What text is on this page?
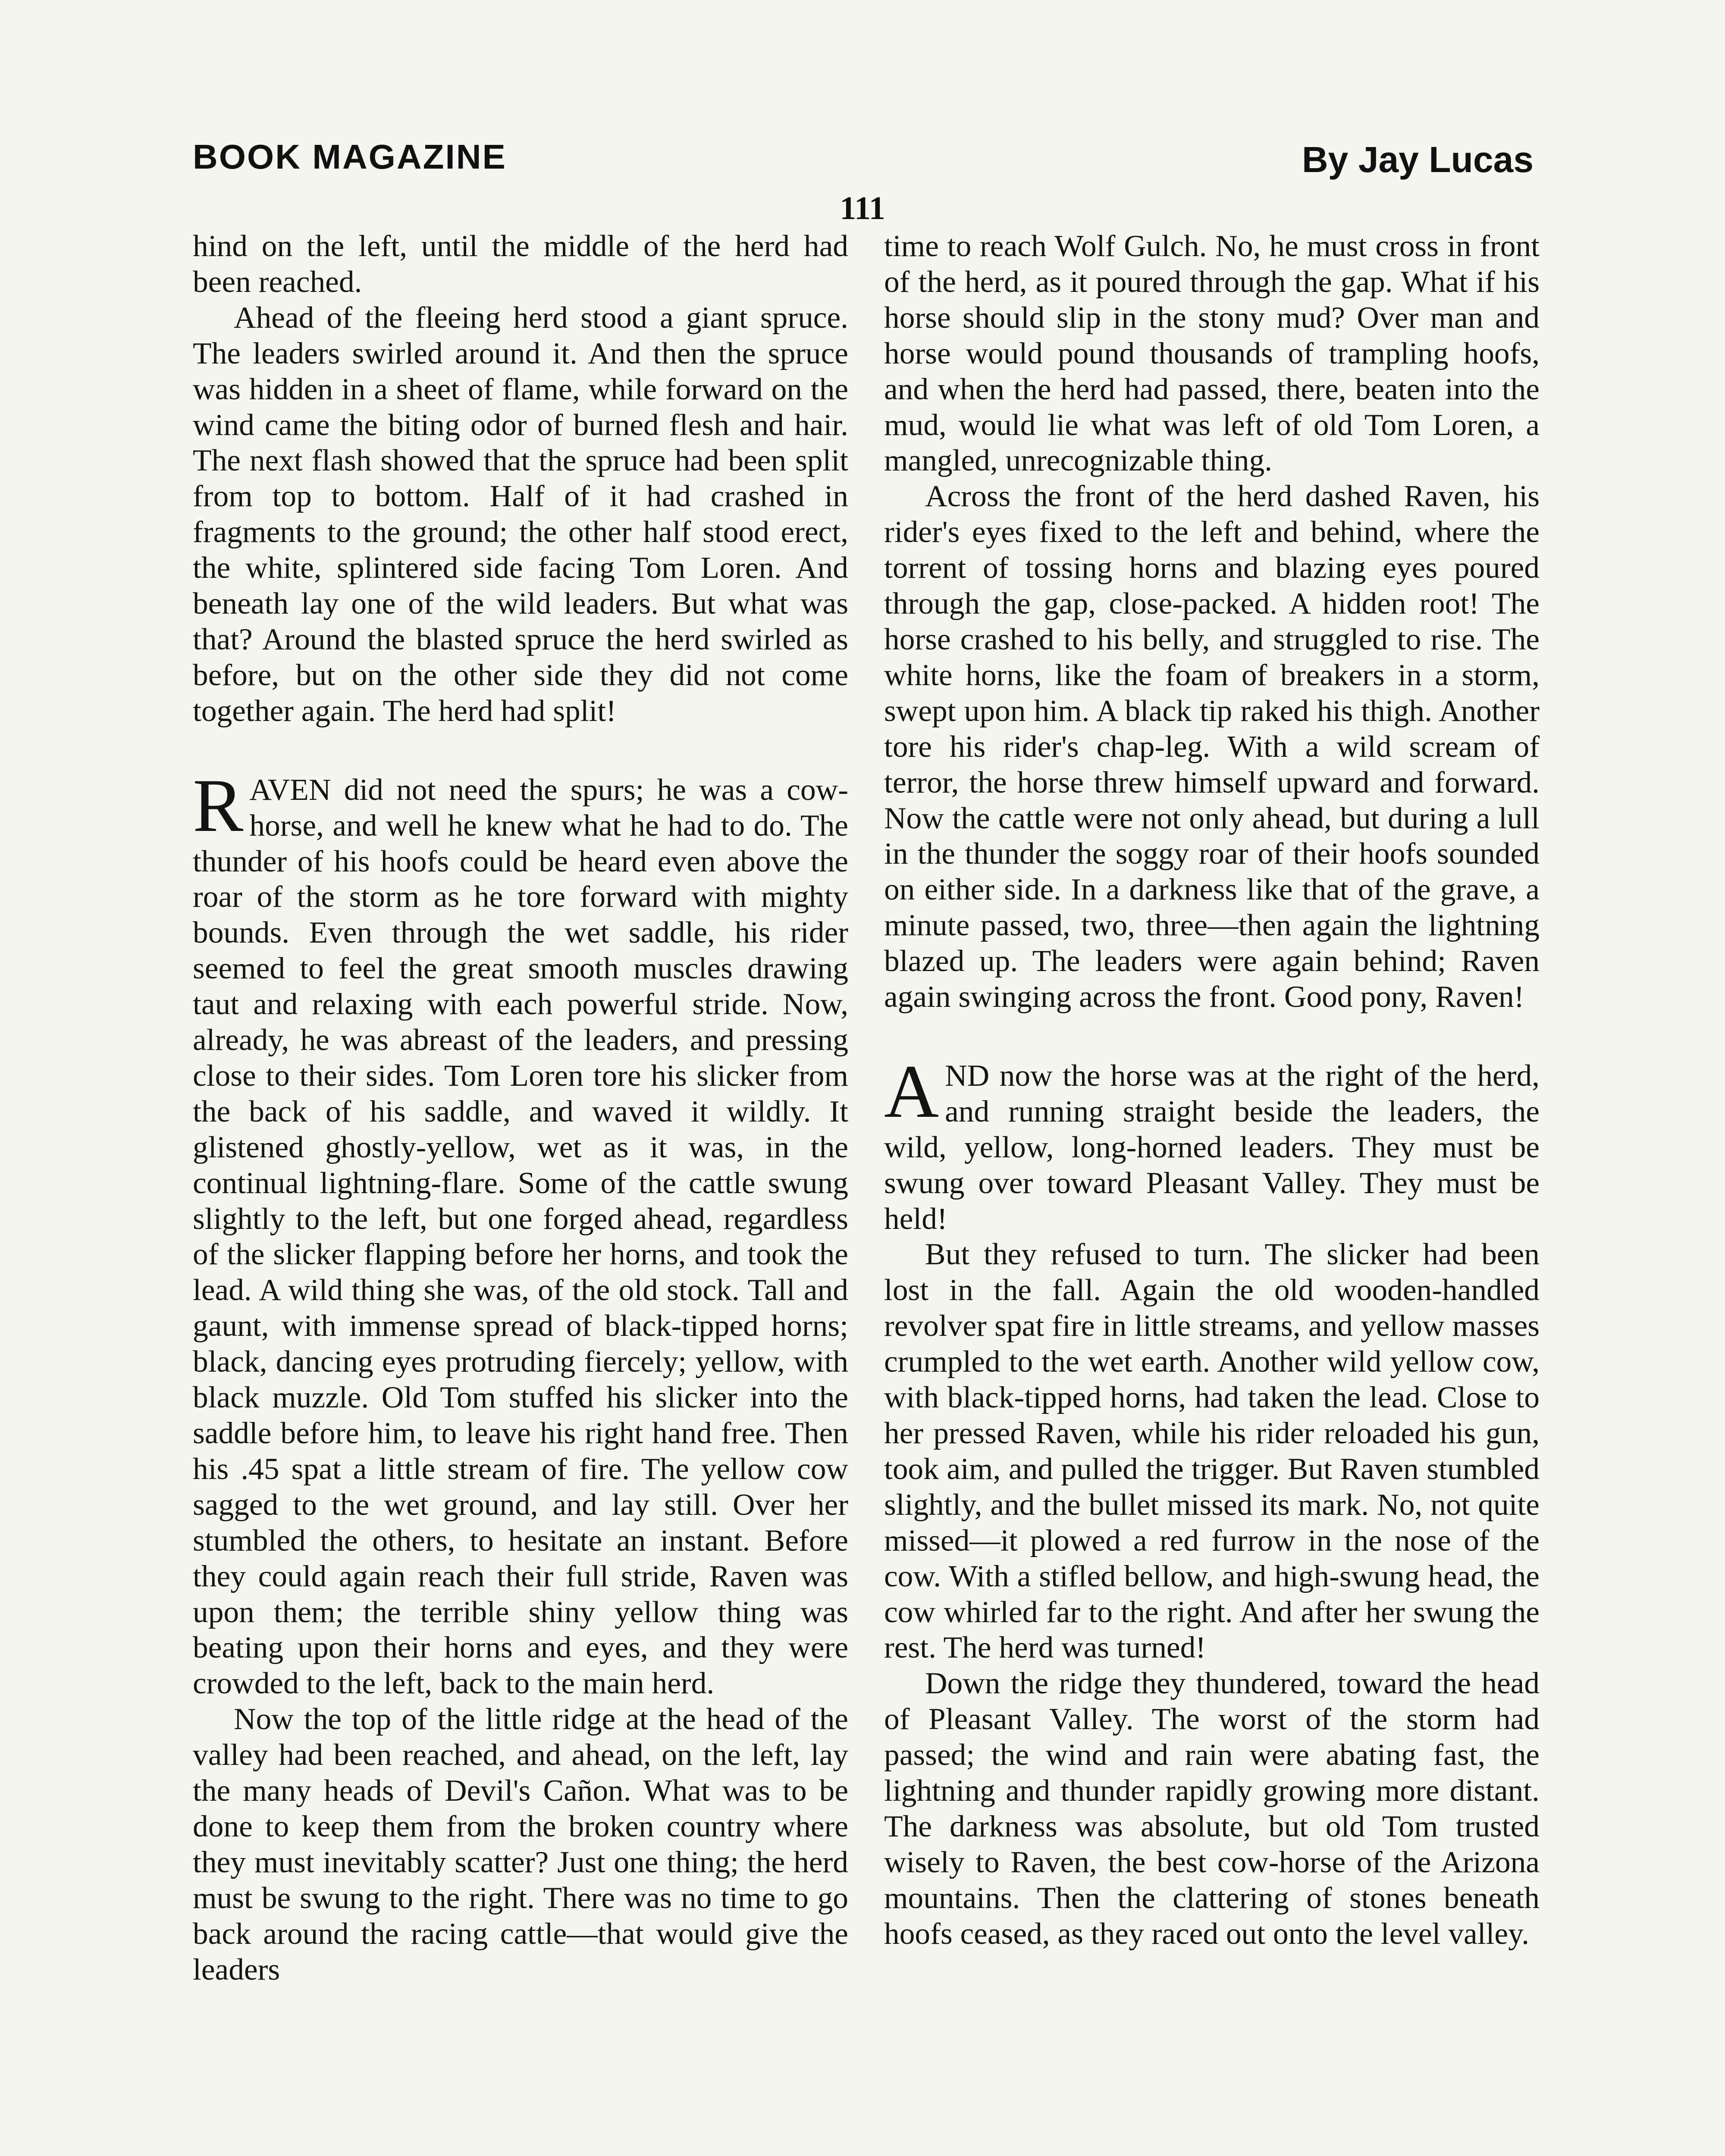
BOOK MAGAZINE	By Jay Lucas
111

hind on the left, until the middle of the herd had been reached.

Ahead of the fleeing herd stood a giant spruce. The leaders swirled around it. And then the spruce was hidden in a sheet of flame, while forward on the wind came the biting odor of burned flesh and hair. The next flash showed that the spruce had been split from top to bottom. Half of it had crashed in fragments to the ground; the other half stood erect, the white, splintered side facing Tom Loren. And beneath lay one of the wild leaders. But what was that? Around the blasted spruce the herd swirled as before, but on the other side they did not come together again. The herd had split!

RAVEN did not need the spurs; he was a cow-horse, and well he knew what he had to do. The thunder of his hoofs could be heard even above the roar of the storm as he tore forward with mighty bounds. Even through the wet saddle, his rider seemed to feel the great smooth muscles drawing taut and relaxing with each powerful stride. Now, already, he was abreast of the leaders, and pressing close to their sides. Tom Loren tore his slicker from the back of his saddle, and waved it wildly. It glistened ghostly-yellow, wet as it was, in the continual lightning-flare. Some of the cattle swung slightly to the left, but one forged ahead, regardless of the slicker flapping before her horns, and took the lead. A wild thing she was, of the old stock. Tall and gaunt, with immense spread of black-tipped horns; black, dancing eyes protruding fiercely; yellow, with black muzzle. Old Tom stuffed his slicker into the saddle before him, to leave his right hand free. Then his .45 spat a little stream of fire. The yellow cow sagged to the wet ground, and lay still. Over her stumbled the others, to hesitate an instant. Before they could again reach their full stride, Raven was upon them; the terrible shiny yellow thing was beating upon their horns and eyes, and they were crowded to the left, back to the main herd.

Now the top of the little ridge at the head of the valley had been reached, and ahead, on the left, lay the many heads of Devil's Cañon. What was to be done to keep them from the broken country where they must inevitably scatter? Just one thing; the herd must be swung to the right. There was no time to go back around the racing cattle—that would give the leaders

time to reach Wolf Gulch. No, he must cross in front of the herd, as it poured through the gap. What if his horse should slip in the stony mud? Over man and horse would pound thousands of trampling hoofs, and when the herd had passed, there, beaten into the mud, would lie what was left of old Tom Loren, a mangled, unrecognizable thing.

Across the front of the herd dashed Raven, his rider's eyes fixed to the left and behind, where the torrent of tossing horns and blazing eyes poured through the gap, close-packed. A hidden root! The horse crashed to his belly, and struggled to rise. The white horns, like the foam of breakers in a storm, swept upon him. A black tip raked his thigh. Another tore his rider's chap-leg. With a wild scream of terror, the horse threw himself upward and forward. Now the cattle were not only ahead, but during a lull in the thunder the soggy roar of their hoofs sounded on either side. In a darkness like that of the grave, a minute passed, two, three—then again the lightning blazed up. The leaders were again behind; Raven again swinging across the front. Good pony, Raven!

AND now the horse was at the right of the herd, and running straight beside the leaders, the wild, yellow, long-horned leaders. They must be swung over toward Pleasant Valley. They must be held!

But they refused to turn. The slicker had been lost in the fall. Again the old wooden-handled revolver spat fire in little streams, and yellow masses crumpled to the wet earth. Another wild yellow cow, with black-tipped horns, had taken the lead. Close to her pressed Raven, while his rider reloaded his gun, took aim, and pulled the trigger. But Raven stumbled slightly, and the bullet missed its mark. No, not quite missed—it plowed a red furrow in the nose of the cow. With a stifled bellow, and high-swung head, the cow whirled far to the right. And after her swung the rest. The herd was turned!

Down the ridge they thundered, toward the head of Pleasant Valley. The worst of the storm had passed; the wind and rain were abating fast, the lightning and thunder rapidly growing more distant. The darkness was absolute, but old Tom trusted wisely to Raven, the best cow-horse of the Arizona mountains. Then the clattering of stones beneath hoofs ceased, as they raced out onto the level valley.
